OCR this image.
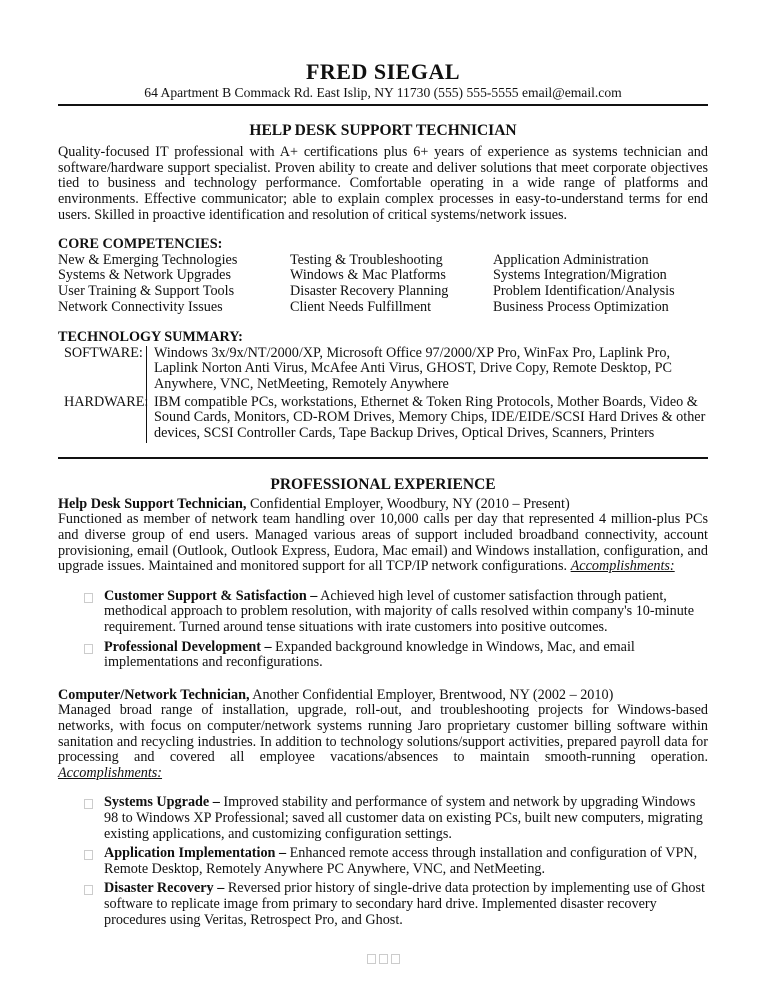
FRED SIEGAL
64 Apartment B Commack Rd. East Islip, NY 11730 (555) 555-5555 email@email.com
HELP DESK SUPPORT TECHNICIAN

Quality-focused IT professional with A+ certifications plus 6+ years of experience as systems technician and software/hardware support specialist. Proven ability to create and deliver solutions that meet corporate objectives tied to business and technology performance. Comfortable operating in a wide range of platforms and environments. Effective communicator; able to explain complex processes in easy-to-understand terms for end users. Skilled in proactive identification and resolution of critical systems/network issues.

CORE COMPETENCIES:
New & Emerging Technologies	Testing & Troubleshooting	Application Administration
Systems & Network Upgrades	Windows & Mac Platforms	Systems Integration/Migration
User Training & Support Tools	Disaster Recovery Planning	Problem Identification/Analysis
Network Connectivity Issues	Client Needs Fulfillment	Business Process Optimization
TECHNOLOGY SUMMARY:
SOFTWARE: Windows 3x/9x/NT/2000/XP, Microsoft Office 97/2000/XP Pro, WinFax Pro, Laplink Pro, Laplink Norton Anti Virus, McAfee Anti Virus, GHOST, Drive Copy, Remote Desktop, PC Anywhere, VNC, NetMeeting, Remotely Anywhere
HARDWARE: IBM compatible PCs, workstations, Ethernet & Token Ring Protocols, Mother Boards, Video & Sound Cards, Monitors, CD-ROM Drives, Memory Chips, IDE/EIDE/SCSI Hard Drives & other devices, SCSI Controller Cards, Tape Backup Drives, Optical Drives, Scanners, Printers
PROFESSIONAL EXPERIENCE

Help Desk Support Technician, Confidential Employer, Woodbury, NY (2010 – Present)

Functioned as member of network team handling over 10,000 calls per day that represented 4 million-plus PCs and diverse group of end users. Managed various areas of support included broadband connectivity, account provisioning, email (Outlook, Outlook Express, Eudora, Mac email) and Windows installation, configuration, and upgrade issues. Maintained and monitored support for all TCP/IP network configurations. Accomplishments:

Customer Support & Satisfaction – Achieved high level of customer satisfaction through patient, methodical approach to problem resolution, with majority of calls resolved within company's 10-minute requirement. Turned around tense situations with irate customers into positive outcomes.
Professional Development – Expanded background knowledge in Windows, Mac, and email implementations and reconfigurations.

Computer/Network Technician, Another Confidential Employer, Brentwood, NY (2002 – 2010)

Managed broad range of installation, upgrade, roll-out, and troubleshooting projects for Windows-based networks, with focus on computer/network systems running Jaro proprietary customer billing software within sanitation and recycling industries. In addition to technology solutions/support activities, prepared payroll data for processing and covered all employee vacations/absences to maintain smooth-running operation. Accomplishments:

Systems Upgrade – Improved stability and performance of system and network by upgrading Windows 98 to Windows XP Professional; saved all customer data on existing PCs, built new computers, migrating existing applications, and customizing configuration settings.
Application Implementation – Enhanced remote access through installation and configuration of VPN, Remote Desktop, Remotely Anywhere PC Anywhere, VNC, and NetMeeting.
Disaster Recovery – Reversed prior history of single-drive data protection by implementing use of Ghost software to replicate image from primary to secondary hard drive. Implemented disaster recovery procedures using Veritas, Retrospect Pro, and Ghost.
